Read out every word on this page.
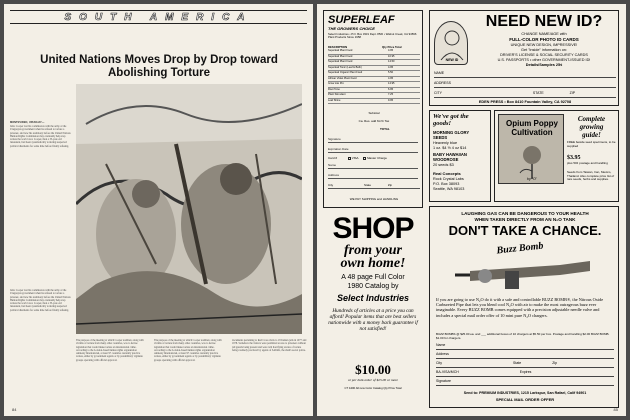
SOUTH AMERICA
United Nations Moves Drop by Drop toward Abolishing Torture
MONTEVIDEO, URUGUAY—
Julio Cooper lost his commission with the army of the Uruguayan government when he refused to torture a prisoner, and now his testimony before the United Nations Human Rights Commission may eventually help stop torture the world over. Cooper, then a 35-year-old lieutenant, had been systematically torturing suspected political dissidents for some time before finally refusing.
Julio Cooper lost his commission with the army of the Uruguayan government when he refused to torture a prisoner, and now his testimony before the United Nations Human Rights Commission may eventually help stop torture the world over. Cooper, then a 35-year-old lieutenant, had been systematically torturing suspected political dissidents for some time before finally refusing.
The purpose of the meeting at which Cooper testified, along with victims of torture from many other countries, was to devise legislation that would make torture an international crime. According to the London-based human rights organization Amnesty International, at least 97 countries currently practice torture, either by government agents or by paramilitary vigilante groups operating with official approval.
The purpose of the meeting at which Cooper testified, along with victims of torture from many other countries, was to devise legislation that would make torture an international crime. According to the London-based human rights organization Amnesty International, at least 97 countries currently practice torture, either by government agents or by paramilitary vigilante groups operating with official approval.
documents pertaining to Red Cross visits to 18 Iranian jails in 1977 and 1978. Somehow the visitors were permitted access to prisoners without jail guards being present and were told horrifying stories of torture being routinely practiced by agents of SAVAK, the shah's secret police.
84
SUPERLEAF
THE GROWERS CHOICE
Select Industries • P.O. Box 3331 Dept. 85/D • Walnut Creek, CA 94596 Plant Products Since 1958
DESCRIPTION	Qty Price Total
Superleaf Plant Food	4.95
Superleaf Plant Food	10.95
Superleaf Plant Food	14.50
Superleaf Tonic (Leaf & Bulb)	4.95
Superleaf Organic Plant Food	5.50
African Violet Plant Food	4.95
Grow Lite Pro	14.95
Root Tone	6.95
Plant Stimulant	7.25
Leaf Shine	9.95
Subtotal
Ca. Res. add 6¼% Tax
TOTAL
Signature
Expiration Date
Card #	VISA	Master Charge
Name
Address
City	State	Zip
WE PAY SHIPPING and HANDLING
SHOP
from your
own home!
A 48 page Full Color
1980 Catalog by
Select Industries
Hundreds of articles at a price you can afford! Popular items that are best sellers nationwide with a money back guarantee if not satisfied!
$10.00
or per bulk order of $25.00 or more
CT 4400 All new Color Catalog Qty Price Total
NEW ID
NEED NEW ID?
CHANGE NAME/AGE with
FULL-COLOR PHOTO ID CARDS
UNIQUE NEW DESIGN, IMPRESSIVE!
Get "inside" information on:
DRIVER'S LICENSE & SOCIAL SECURITY CARDS
U.S. PASSPORTS • other GOVERNMENT-ISSUED ID!
Details/Samples 25¢
NAME
ADDRESS
CITY	STATE	ZIP
EDEN PRESS • Box 8410 Fountain Valley, CA 92708
We've got the
goods!
MORNING GLORY
SEEDS
Heavenly blue
1 oz. $4 ½ 4 oz $14
BABY HAWAIIAN
WOODROSE
20 seeds $3
Real Concepts
Rock Crystal Labs
P.O. Box 38093
Seattle, WA 98103
Opium Poppy
Cultivation
by "O"
Complete
growing
guide!
FREE beside seed specimens, to be supplied
$3.95
plus 50¢ postage and handling
Seeds from Taiwan, Iran, Mexico, Thailand. Also complete price list of rare seeds, herbs and supplies.
LAUGHING GAS CAN BE DANGEROUS TO YOUR HEALTH
WHEN TAKEN DIRECTLY FROM AN N₂O TANK
DON'T TAKE A CHANCE.
Buzz Bomb
If you are going to use N₂O do it with a safe and controllable BUZZ BOMB®, the Nitrous Oxide Carbureted Pipe that lets you blend cool N₂O with air to make the most outrageous buzz ever imaginable. Every BUZZ BOMB comes equipped with a precision adjustable needle valve and includes a special mail order offer of 10 mini pure N₂O chargers.
BUZZ BOMBS @ $25.00 ea. and ___ additional boxes of 10 chargers at $5.50 per box. Postage and handling $2.00 BUZZ BOMB. $1.00 for chargers.
Name
Address
City	State	Zip
BA-VISA/MCH	Expires
Signature
Send to: PREMIUM INDUSTRIES, 1215 Larkspur, San Rafael, Calif 94901
SPECIAL MAIL ORDER OFFER
85
